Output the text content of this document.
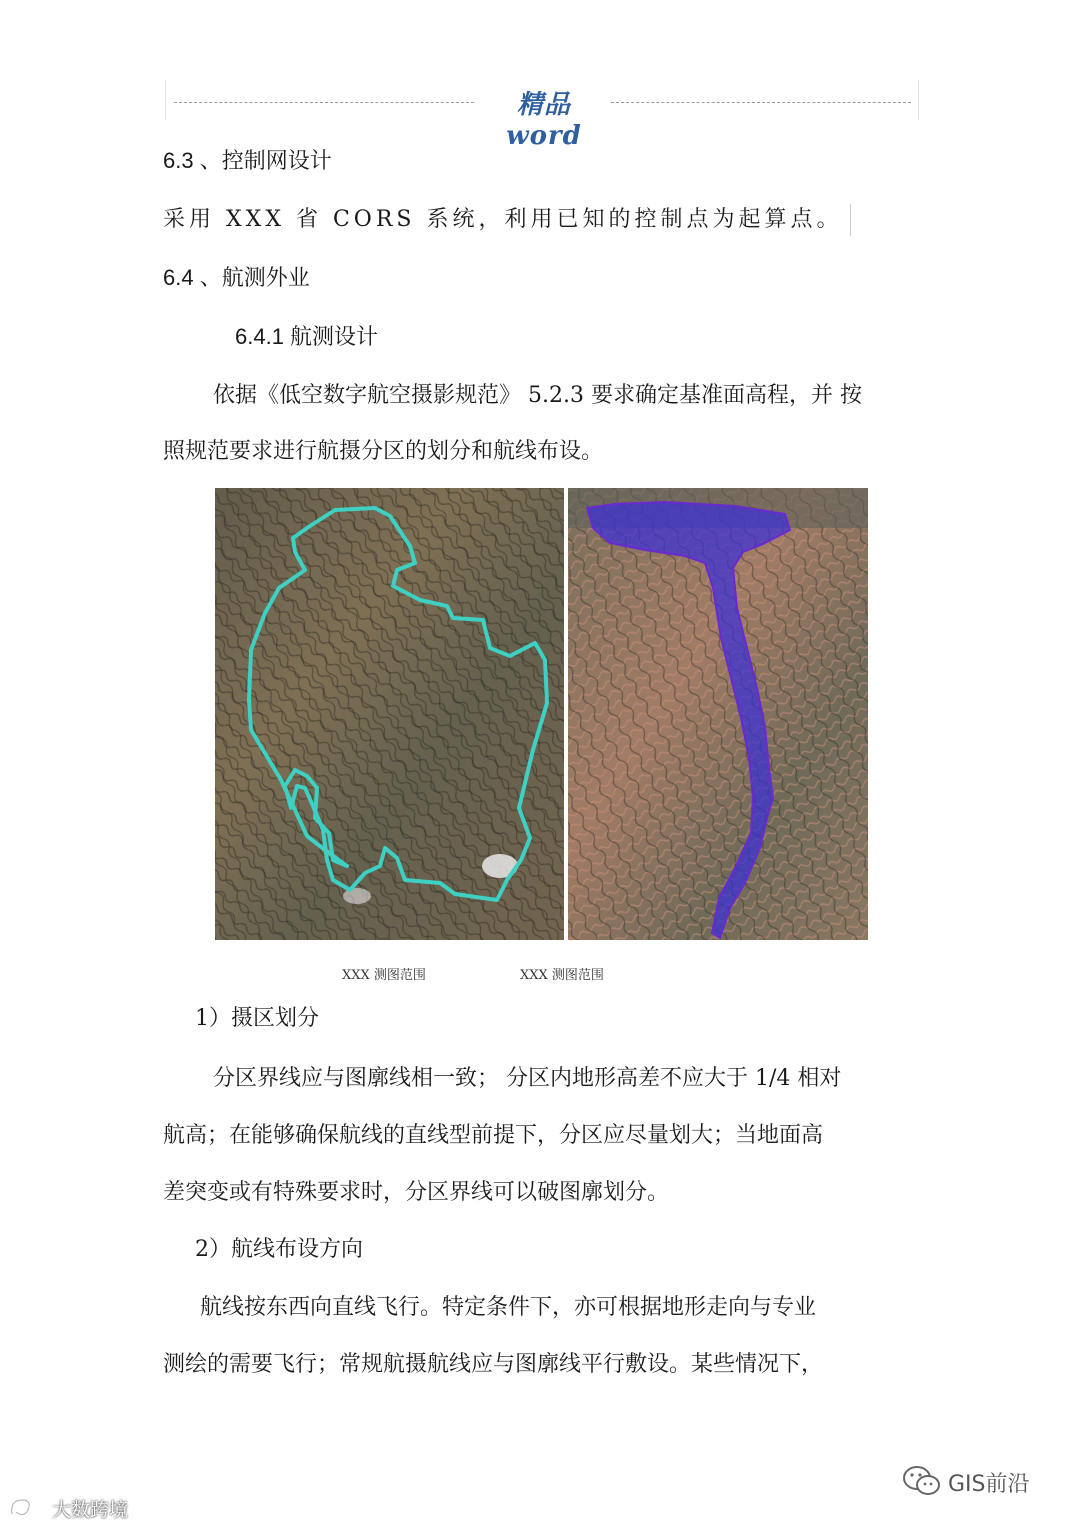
精品word
6.3 、控制网设计
采用 XXX 省 CORS 系统，利用已知的控制点为起算点。
6.4 、航测外业
6.4.1 航测设计
依据《低空数字航空摄影规范》 5.2.3 要求确定基准面高程，并 按
照规范要求进行航摄分区的划分和航线布设。
XXX 测图范围	XXX 测图范围
1）摄区划分
分区界线应与图廓线相一致； 分区内地形高差不应大于 1/4 相对
航高；在能够确保航线的直线型前提下，分区应尽量划大；当地面高
差突变或有特殊要求时，分区界线可以破图廓划分。
2）航线布设方向
航线按东西向直线飞行。特定条件下，亦可根据地形走向与专业
测绘的需要飞行；常规航摄航线应与图廓线平行敷设。某些情况下，
GIS前沿
大数跨境
